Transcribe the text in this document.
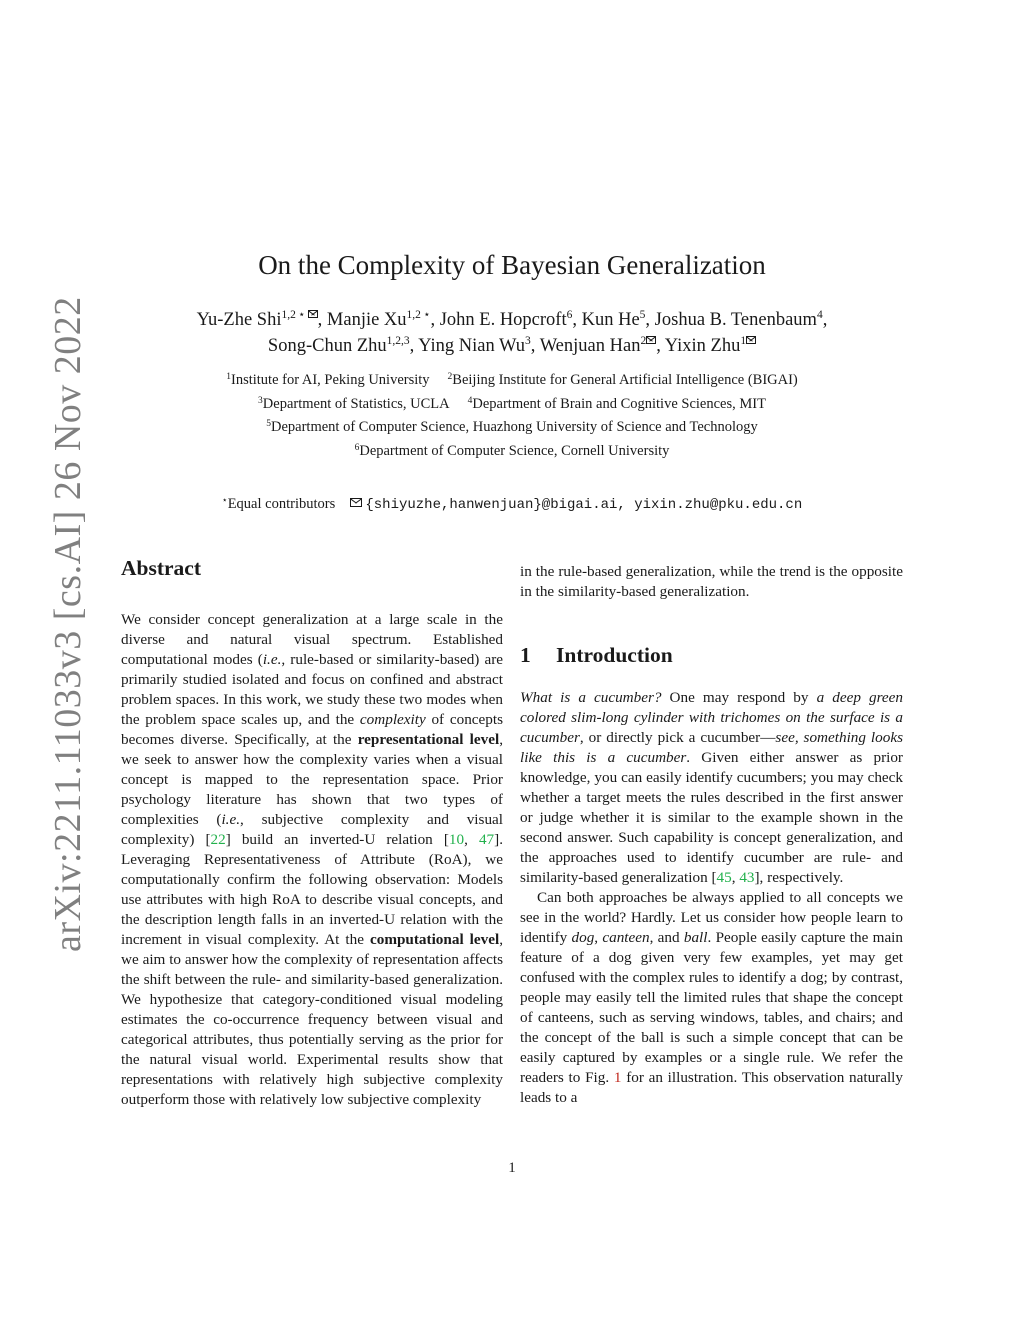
arXiv:2211.11033v3 [cs.AI] 26 Nov 2022
On the Complexity of Bayesian Generalization
Yu-Zhe Shi$^{1,2 ⋆}$ , Manjie $Xu^{1,2 ⋆}$, John E. Hopcroft$^6$, Kun He$^5$, Joshua B. Tenenbaum$^4$,
Song-Chun Zhu$^{1,2,3}$, Ying Nian Wu$^3$, Wenjuan Han$^2$ , Yixin Zhu$^1$
$^1$Institute for AI, Peking University $^2$Beijing Institute for General Artificial Intelligence (BIGAI)
$^3$Department of Statistics, UCLA $^4$Department of Brain and Cognitive Sciences, MIT
$^5$Department of Computer Science, Huazhong University of Science and Technology
$^6$Department of Computer Science, Cornell University
⋆Equal contributors {shiyuzhe,hanwenjuan}@bigai.ai, yixin.zhu@pku.edu.cn
Abstract

We consider concept generalization at a large scale in the diverse and natural visual spectrum. Established computational modes (i.e., rule-based or similarity-based) are primarily studied isolated and focus on confined and abstract problem spaces. In this work, we study these two modes when the problem space scales up, and the complexity of concepts becomes diverse. Specifically, at the representational level, we seek to answer how the complexity varies when a visual concept is mapped to the representation space. Prior psychology literature has shown that two types of complexities (i.e., subjective complexity and visual complexity) [22] build an inverted-U relation [10, 47]. Leveraging Representativeness of Attribute (RoA), we computationally confirm the following observation: Models use attributes with high RoA to describe visual concepts, and the description length falls in an inverted-U relation with the increment in visual complexity. At the computational level, we aim to answer how the complexity of representation affects the shift between the rule- and similarity-based generalization. We hypothesize that category-conditioned visual modeling estimates the co-occurrence frequency between visual and categorical attributes, thus potentially serving as the prior for the natural visual world. Experimental results show that representations with relatively high subjective complexity outperform those with relatively low subjective complexity

in the rule-based generalization, while the trend is the opposite in the similarity-based generalization.

1 Introduction

What is a cucumber? One may respond by a deep green colored slim-long cylinder with trichomes on the surface is a cucumber, or directly pick a cucumber—see, something looks like this is a cucumber. Given either answer as prior knowledge, you can easily identify cucumbers; you may check whether a target meets the rules described in the first answer or judge whether it is similar to the example shown in the second answer. Such capability is concept generalization, and the approaches used to identify cucumber are rule- and similarity-based generalization [45, 43], respectively.

Can both approaches be always applied to all concepts we see in the world? Hardly. Let us consider how people learn to identify dog, canteen, and ball. People easily capture the main feature of a dog given very few examples, yet may get confused with the complex rules to identify a dog; by contrast, people may easily tell the limited rules that shape the concept of canteens, such as serving windows, tables, and chairs; and the concept of the ball is such a simple concept that can be easily captured by examples or a single rule. We refer the readers to Fig. 1 for an illustration. This observation naturally leads to a

1
